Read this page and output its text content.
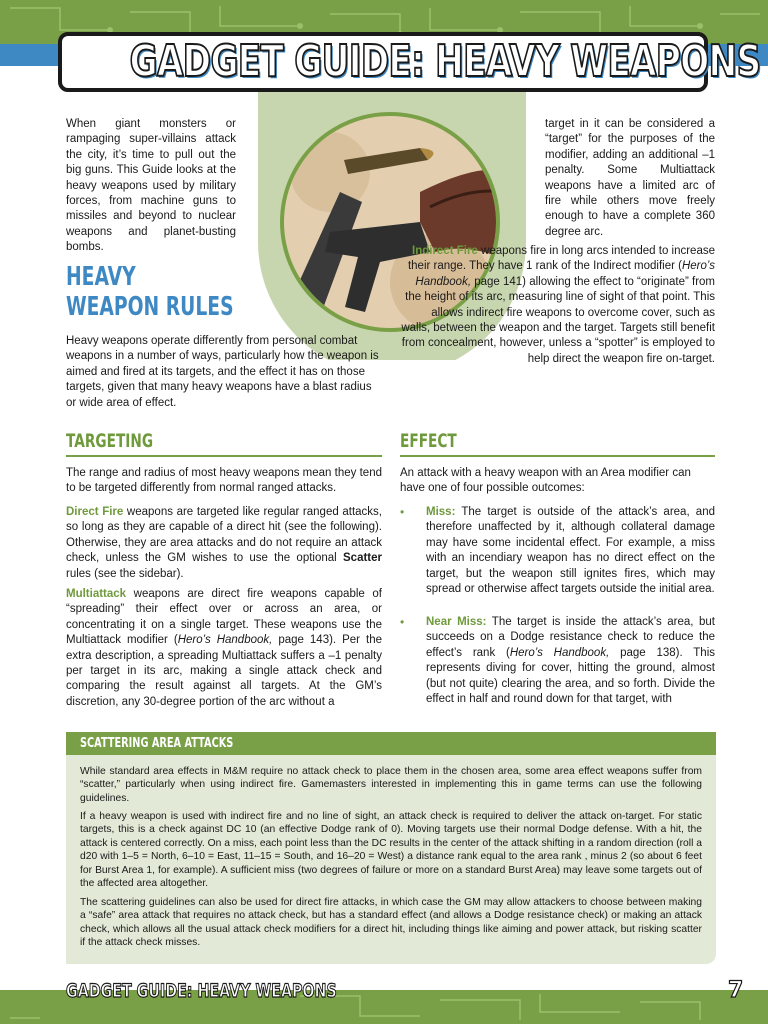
GADGET GUIDE: HEAVY WEAPONS

When giant monsters or rampaging super-villains attack the city, it’s time to pull out the big guns. This Guide looks at the heavy weapons used by military forces, from machine guns to missiles and beyond to nuclear weapons and planet-busting bombs.

HEAVY
WEAPON RULES

Heavy weapons operate differently from personal combat weapons in a number of ways, particularly how the weapon is aimed and fired at its targets, and the effect it has on those targets, given that many heavy weapons have a blast radius or wide area of effect.

target in it can be considered a “target” for the purposes of the modifier, adding an additional –1 penalty. Some Multiattack weapons have a limited arc of fire while others move freely enough to have a complete 360 degree arc.

Indirect Fire weapons fire in long arcs intended to increase their range. They have 1 rank of the Indirect modifier (Hero’s Handbook, page 141) allowing the effect to “originate” from the height of its arc, measuring line of sight of that point. This allows indirect fire weapons to overcome cover, such as walls, between the weapon and the target. Targets still benefit from concealment, however, unless a “spotter” is employed to help direct the weapon fire on-target.

TARGETING

The range and radius of most heavy weapons mean they tend to be targeted differently from normal ranged attacks.

Direct Fire weapons are targeted like regular ranged attacks, so long as they are capable of a direct hit (see the following). Otherwise, they are area attacks and do not require an attack check, unless the GM wishes to use the optional Scatter rules (see the sidebar).

Multiattack weapons are direct fire weapons capable of “spreading” their effect over or across an area, or concentrating it on a single target. These weapons use the Multiattack modifier (Hero’s Handbook, page 143). Per the extra description, a spreading Multiattack suffers a –1 penalty per target in its arc, making a single attack check and comparing the result against all targets. At the GM’s discretion, any 30-degree portion of the arc without a

EFFECT

An attack with a heavy weapon with an Area modifier can have one of four possible outcomes:

• Miss: The target is outside of the attack’s area, and therefore unaffected by it, although collateral damage may have some incidental effect. For example, a miss with an incendiary weapon has no direct effect on the target, but the weapon still ignites fires, which may spread or otherwise affect targets outside the initial area.

• Near Miss: The target is inside the attack’s area, but succeeds on a Dodge resistance check to reduce the effect’s rank (Hero’s Handbook, page 138). This represents diving for cover, hitting the ground, almost (but not quite) clearing the area, and so forth. Divide the effect in half and round down for that target, with

SCATTERING AREA ATTACKS

While standard area effects in M&M require no attack check to place them in the chosen area, some area effect weapons suffer from “scatter,” particularly when using indirect fire. Gamemasters interested in implementing this in game terms can use the following guidelines.

If a heavy weapon is used with indirect fire and no line of sight, an attack check is required to deliver the attack on-target. For static targets, this is a check against DC 10 (an effective Dodge rank of 0). Moving targets use their normal Dodge defense. With a hit, the attack is centered correctly. On a miss, each point less than the DC results in the center of the attack shifting in a random direction (roll a d20 with 1–5 = North, 6–10 = East, 11–15 = South, and 16–20 = West) a distance rank equal to the area rank , minus 2 (so about 6 feet for Burst Area 1, for example). A sufficient miss (two degrees of failure or more on a standard Burst Area) may leave some targets out of the affected area altogether.

The scattering guidelines can also be used for direct fire attacks, in which case the GM may allow attackers to choose between making a “safe” area attack that requires no attack check, but has a standard effect (and allows a Dodge resistance check) or making an attack check, which allows all the usual attack check modifiers for a direct hit, including things like aiming and power attack, but risking scatter if the attack check misses.

GADGET GUIDE: HEAVY WEAPONS	7
